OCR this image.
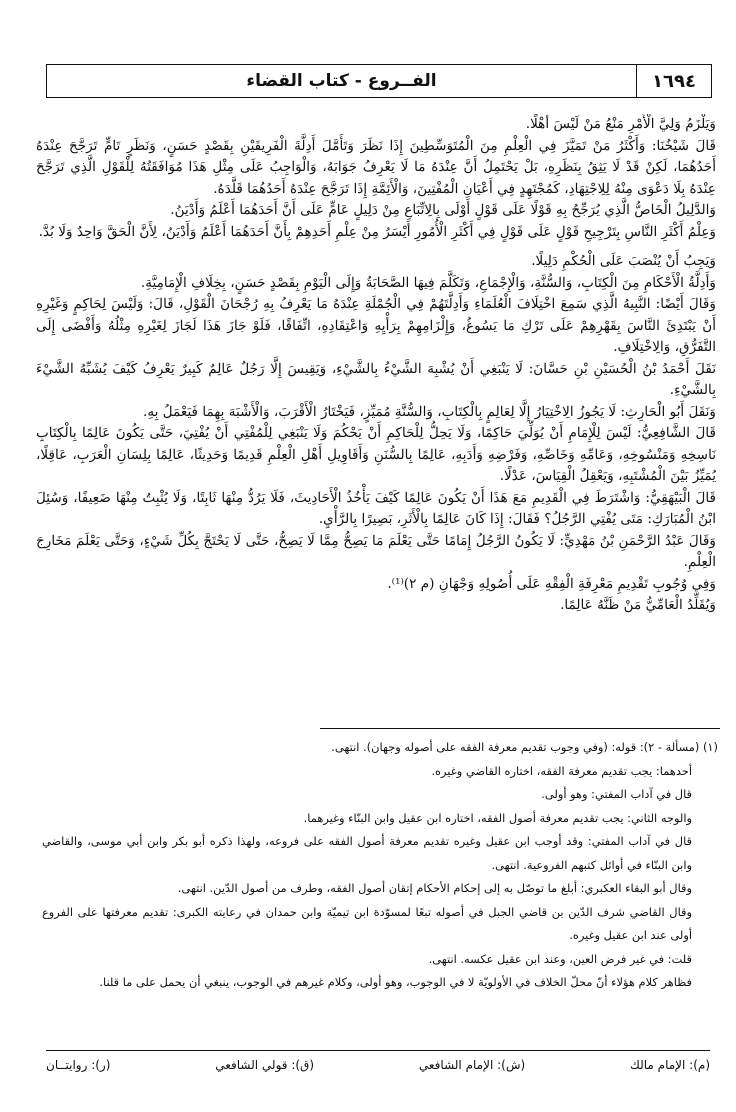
١٦٩٤
الفــروع - كتاب القضاء

وَيَلْزَمُ وَلِيَّ الْأَمْرِ مَنْعُ مَنْ لَيْسَ أَهْلًا.

قَالَ شَيْخُنَا: وَأَكْثَرُ مَنْ تَمَيَّزَ فِي الْعِلْمِ مِنَ الْمُتَوَسِّطِينَ إِذَا نَظَرَ وَتَأَمَّلَ أَدِلَّةَ الْفَرِيقَيْنِ بِقَصْدٍ حَسَنٍ، وَنَظَرٍ تَامٍّ تَرَجَّحَ عِنْدَهُ أَحَدُهُمَا، لَكِنْ قَدْ لَا يَثِقُ بِنَظَرِهِ، بَلْ يَحْتَمِلُ أَنَّ عِنْدَهُ مَا لَا يَعْرِفُ جَوَابَهُ، وَالْوَاجِبُ عَلَى مِثْلِ هَذَا مُوَافَقَتُهُ لِلْقَوْلِ الَّذِي تَرَجَّحَ عِنْدَهُ بِلَا دَعْوَى مِنْهُ لِلِاجْتِهَادِ، كَمُجْتَهِدٍ فِي أَعْيَانِ الْمُفْتِينَ، وَالْأَئِمَّةِ إِذَا تَرَجَّحَ عِنْدَهُ أَحَدُهُمَا قَلَّدَهُ.

وَالدَّلِيلُ الْخَاصُّ الَّذِي يُرَجِّحُ بِهِ قَوْلًا عَلَى قَوْلٍ أَوْلَى بِالِاتِّبَاعِ مِنْ دَلِيلٍ عَامٍّ عَلَى أَنَّ أَحَدَهُمَا أَعْلَمُ وَأَدْيَنُ.

وَعِلْمُ أَكْثَرِ النَّاسِ بِتَرْجِيحِ قَوْلٍ عَلَى قَوْلٍ فِي أَكْثَرِ الْأُمُورِ أَيْسَرُ مِنْ عِلْمِ أَحَدِهِمْ بِأَنَّ أَحَدَهُمَا أَعْلَمُ وَأَدْيَنُ، لِأَنَّ الْحَقَّ وَاحِدٌ وَلَا بُدَّ.

وَيَجِبُ أَنْ يُنْصَبَ عَلَى الْحُكْمِ دَلِيلًا.

وَأَدِلَّةُ الْأَحْكَامِ مِنَ الْكِتَابِ، وَالسُّنَّةِ، وَالْإِجْمَاعِ، وَتَكَلَّمَ فِيهَا الصَّحَابَةُ وَإِلَى الْيَوْمِ بِقَصْدٍ حَسَنٍ، بِخِلَافِ الْإِمَامِيَّةِ.

وَقَالَ أَيْضًا: النَّبِيهُ الَّذِي سَمِعَ اخْتِلَافَ الْعُلَمَاءِ وَأَدِلَّتَهُمْ فِي الْجُمْلَةِ عِنْدَهُ مَا يَعْرِفُ بِهِ رُجْحَانَ الْقَوْلِ، قَالَ: وَلَيْسَ لِحَاكِمٍ وَغَيْرِهِ أَنْ يَبْتَدِئَ النَّاسَ بِقَهْرِهِمْ عَلَى تَرْكِ مَا يَسُوغُ، وَإِلْزَامِهِمْ بِرَأْيِهِ وَاعْتِقَادِهِ، اتِّفَاقًا، فَلَوْ جَازَ هَذَا لَجَازَ لِغَيْرِهِ مِثْلُهُ وَأَفْضَى إِلَى التَّفَرُّقِ، وَالِاخْتِلَافِ.

نَقَلَ أَحْمَدُ بْنُ الْحُسَيْنِ بْنِ حَسَّانَ: لَا يَنْبَغِي أَنْ يُشْبِهَ الشَّيْءُ بِالشَّيْءِ، وَيَقِيسَ إِلَّا رَجُلٌ عَالِمٌ كَبِيرٌ يَعْرِفُ كَيْفَ يُشَبِّهُ الشَّيْءَ بِالشَّيْءِ.

وَنَقَلَ أَبُو الْحَارِثِ: لَا يَجُوزُ الِاخْتِيَارُ إِلَّا لِعَالِمٍ بِالْكِتَابِ، وَالسُّنَّةِ مُمَيِّزٍ، فَيَخْتَارُ الْأَقْرَبَ، وَالْأَشْبَهَ بِهِمَا فَيَعْمَلُ بِهِ.

قَالَ الشَّافِعِيُّ: لَيْسَ لِلْإِمَامِ أَنْ يُوَلِّيَ حَاكِمًا، وَلَا يَحِلُّ لِلْحَاكِمِ أَنْ يَحْكُمَ وَلَا يَنْبَغِي لِلْمُفْتِي أَنْ يُفْتِيَ، حَتَّى يَكُونَ عَالِمًا بِالْكِتَابِ نَاسِخِهِ وَمَنْسُوخِهِ، وَعَامِّهِ وَخَاصِّهِ، وَفَرْضِهِ وَأَدَبِهِ، عَالِمًا بِالسُّنَنِ وَأَقَاوِيلِ أَهْلِ الْعِلْمِ قَدِيمًا وَحَدِيثًا، عَالِمًا بِلِسَانِ الْعَرَبِ، عَاقِلًا، يُمَيِّزُ بَيْنَ الْمُشْتَبِهِ، وَيَعْقِلُ الْقِيَاسَ، عَدْلًا.

قَالَ الْبَيْهَقِيُّ: وَاشْتَرَطَ فِي الْقَدِيمِ مَعَ هَذَا أَنْ يَكُونَ عَالِمًا كَيْفَ يَأْخُذُ الْأَحَادِيثَ، فَلَا يَرُدُّ مِنْهَا ثَابِتًا، وَلَا يُثْبِتُ مِنْهَا ضَعِيفًا، وَسُئِلَ ابْنُ الْمُبَارَكِ: مَتَى يُفْتِي الرَّجُلُ؟ فَقَالَ: إِذَا كَانَ عَالِمًا بِالْأَثَرِ، بَصِيرًا بِالرَّأْيِ.

وَقَالَ عَبْدُ الرَّحْمَنِ بْنُ مَهْدِيٍّ: لَا يَكُونُ الرَّجُلُ إِمَامًا حَتَّى يَعْلَمَ مَا يَصِحُّ مِمَّا لَا يَصِحُّ، حَتَّى لَا يَحْتَجَّ بِكُلِّ شَيْءٍ، وَحَتَّى يَعْلَمَ مَخَارِجَ الْعِلْمِ.

وَفِي وُجُوبِ تَقْدِيمِ مَعْرِفَةِ الْفِقْهِ عَلَى أُصُولِهِ وَجْهَانِ (م ٢)⁽¹⁾.

وَيُقَلِّدُ الْعَامِّيُّ مَنْ ظَنَّهُ عَالِمًا.

(١) (مسألة - ٢): قوله: (وفي وجوب تقديم معرفة الفقه على أصوله وجهان). انتهى.

أحدهما: يجب تقديم معرفة الفقه، اختاره القاضي وغيره.

قال في آداب المفتي: وهو أولى.

والوجه الثاني: يجب تقديم معرفة أصول الفقه، اختاره ابن عقيل وابن البنّاء وغيرهما.

قال في آداب المفتي: وقد أوجب ابن عقيل وغيره تقديم معرفة أصول الفقه على فروعه، ولهذا ذكره أبو بكر وابن أبي موسى، والقاضي وابن البنّاء في أوائل كتبهم الفروعية. انتهى.

وقال أبو البقاء العكبري: أبلغ ما توصّل به إلى إحكام الأحكام إتقان أصول الفقه، وطرف من أصول الدّين. انتهى.

وقال القاضي شرف الدّين بن قاضي الجبل في أصوله تبعًا لمسوّدة ابن تيميّة وابن حمدان في رعايته الكبرى: تقديم معرفتها على الفروع أولى عند ابن عقيل وغيره.

قلت: في غير فرض العين، وعند ابن عقيل عكسه. انتهى.

فظاهر كلام هؤلاء أنّ محلّ الخلاف في الأولويّة لا في الوجوب، وهو أولى، وكلام غيرهم في الوجوب، ينبغي أن يحمل على ما قلنا.

(م): الإمام مالك
(ش): الإمام الشافعي
(ق): قولي الشافعي
(ر): روايتــان
